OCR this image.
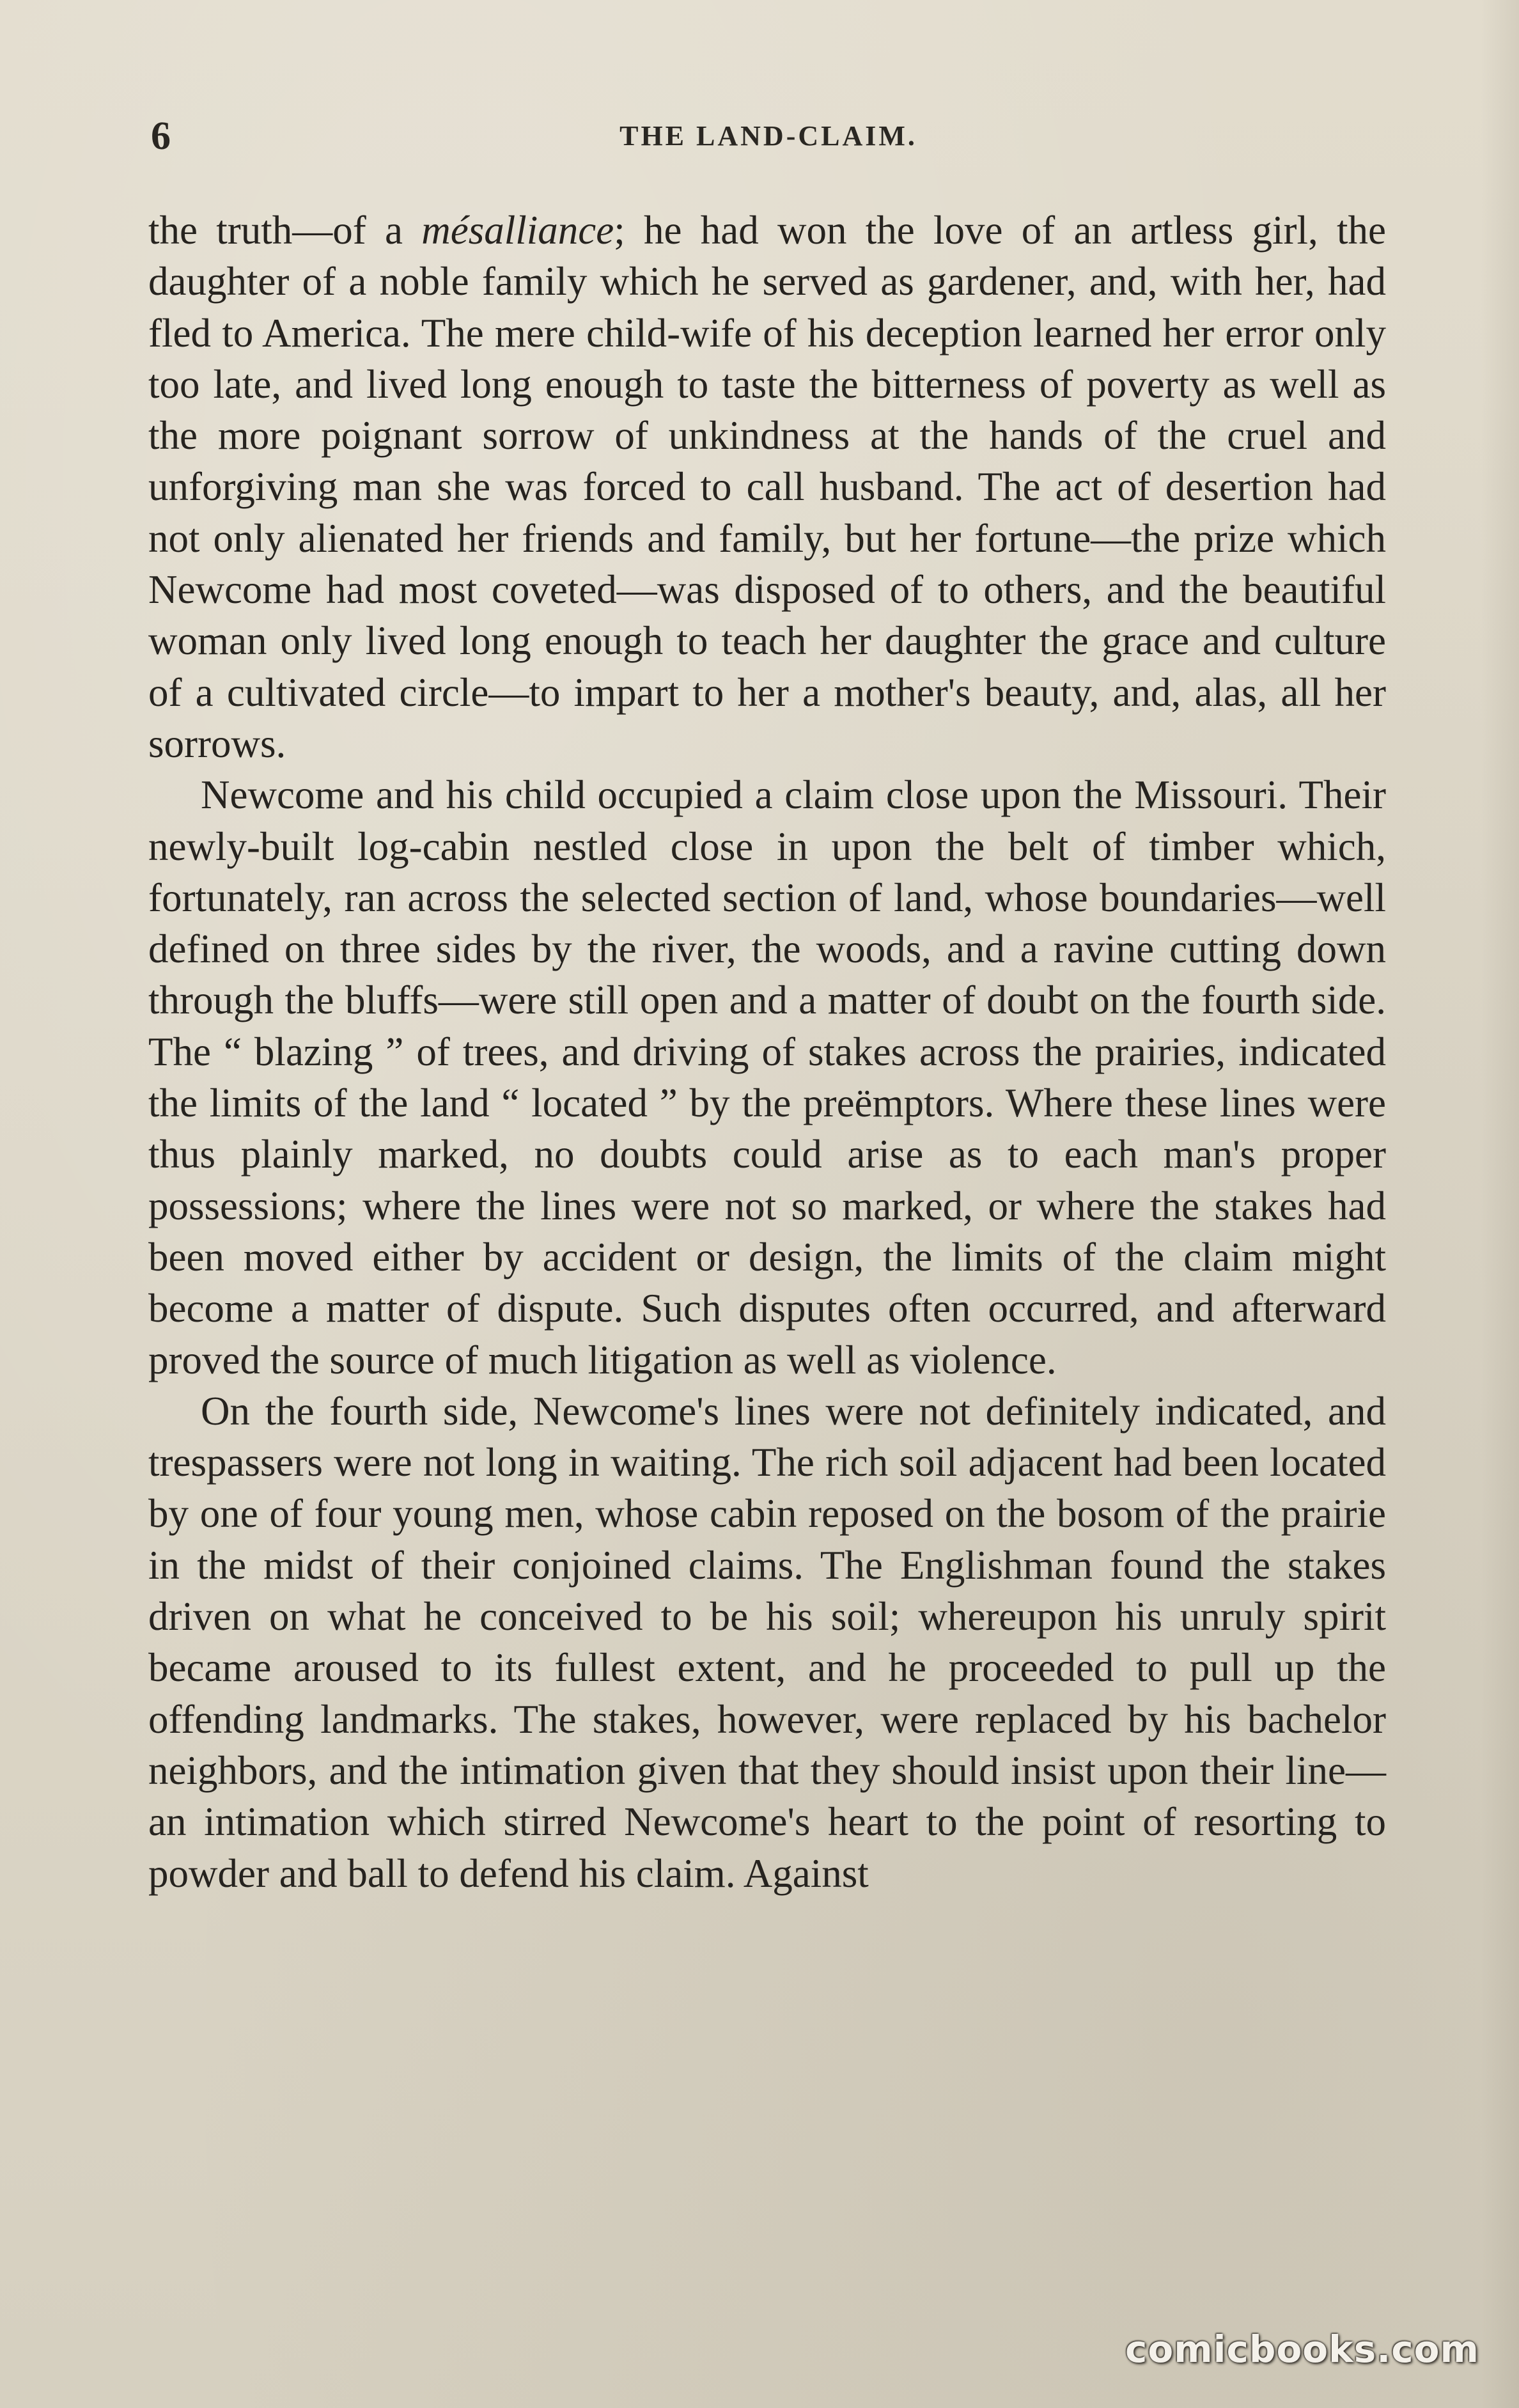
6	THE LAND-CLAIM.

the truth—of a mésalliance; he had won the love of an artless girl, the daughter of a noble family which he served as gardener, and, with her, had fled to America. The mere child-wife of his deception learned her error only too late, and lived long enough to taste the bitterness of poverty as well as the more poignant sorrow of unkindness at the hands of the cruel and unforgiving man she was forced to call husband. The act of desertion had not only alienated her friends and family, but her fortune—the prize which Newcome had most coveted—was disposed of to others, and the beautiful woman only lived long enough to teach her daughter the grace and culture of a cultivated circle—to impart to her a mother's beauty, and, alas, all her sorrows.

Newcome and his child occupied a claim close upon the Missouri. Their newly-built log-cabin nestled close in upon the belt of timber which, fortunately, ran across the selected section of land, whose boundaries—well defined on three sides by the river, the woods, and a ravine cutting down through the bluffs—were still open and a matter of doubt on the fourth side. The “ blazing ” of trees, and driving of stakes across the prairies, indicated the limits of the land “ located ” by the preëmptors. Where these lines were thus plainly marked, no doubts could arise as to each man's proper possessions; where the lines were not so marked, or where the stakes had been moved either by accident or design, the limits of the claim might become a matter of dispute. Such disputes often occurred, and afterward proved the source of much litigation as well as violence.

On the fourth side, Newcome's lines were not definitely indicated, and trespassers were not long in waiting. The rich soil adjacent had been located by one of four young men, whose cabin reposed on the bosom of the prairie in the midst of their conjoined claims. The Englishman found the stakes driven on what he conceived to be his soil; whereupon his unruly spirit became aroused to its fullest extent, and he proceeded to pull up the offending landmarks. The stakes, however, were replaced by his bachelor neighbors, and the intimation given that they should insist upon their line—an intimation which stirred Newcome's heart to the point of resorting to powder and ball to defend his claim. Against

comicbooks.com
